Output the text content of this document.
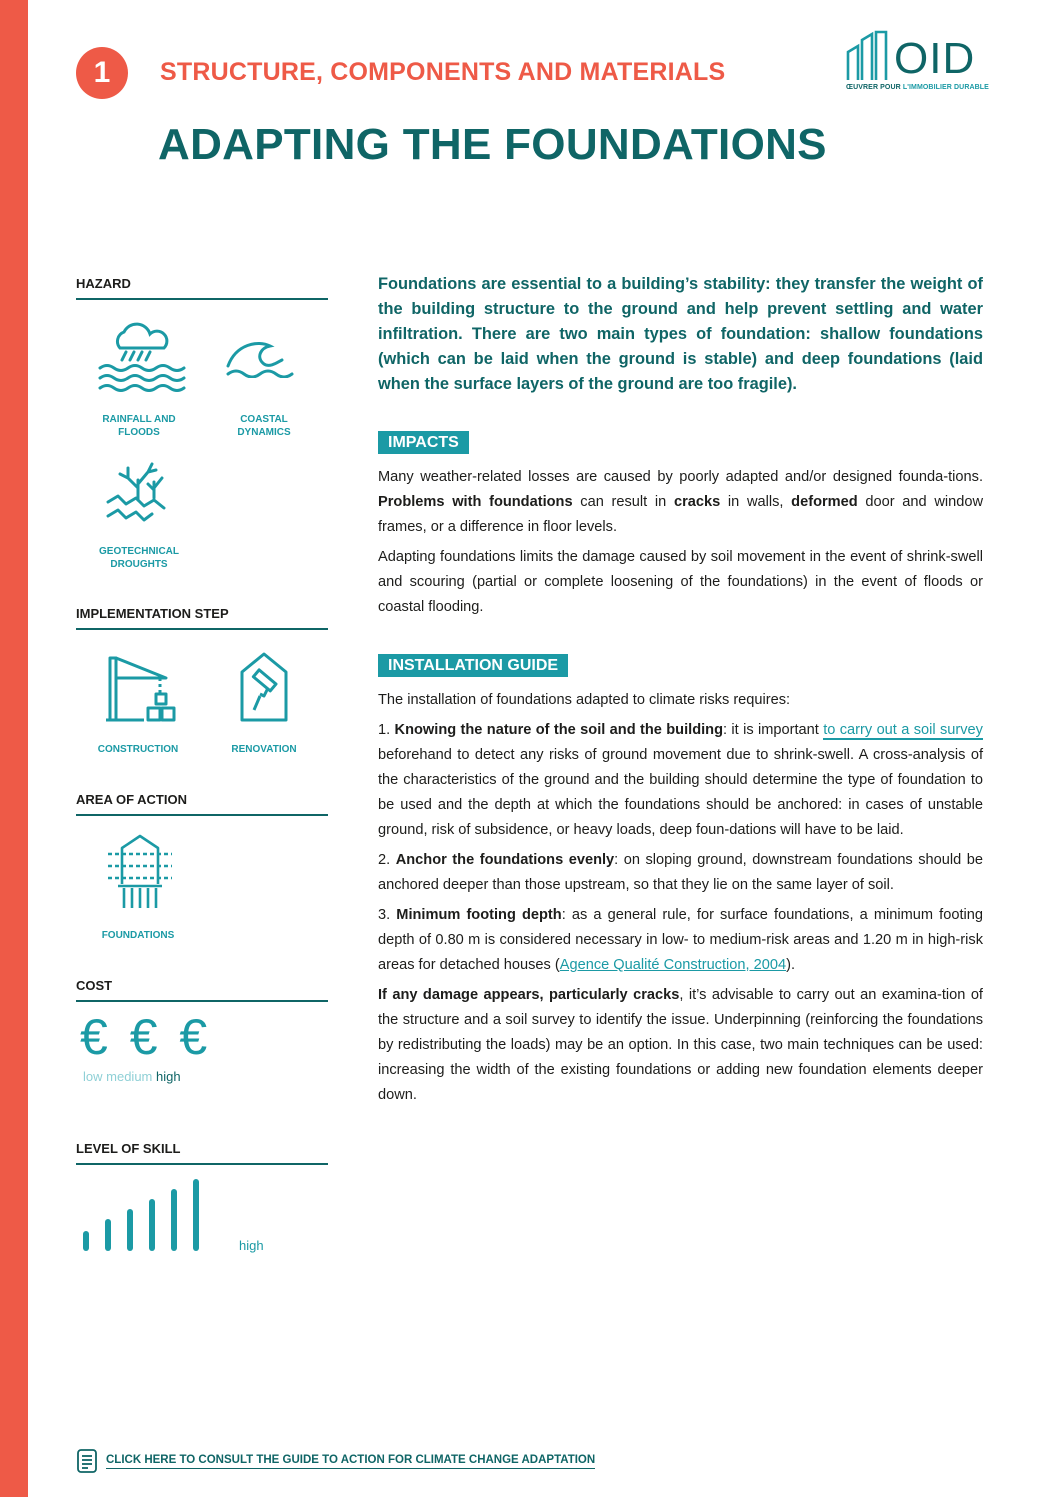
1	STRUCTURE, COMPONENTS AND MATERIALS
ADAPTING THE FOUNDATIONS
OID
ŒUVRER POUR L'IMMOBILIER DURABLE
HAZARD
RAINFALL AND
FLOODS
COASTAL
DYNAMICS
GEOTECHNICAL
DROUGHTS
IMPLEMENTATION STEP
CONSTRUCTION	RENOVATION
AREA OF ACTION
FOUNDATIONS
COST
€ € €
low medium high
LEVEL OF SKILL
high
Foundations are essential to a building’s stability: they transfer the weight of the building structure to the ground and help prevent settling and water infiltration. There are two main types of foundation: shallow foundations (which can be laid when the ground is stable) and deep foundations (laid when the surface layers of the ground are too fragile).
IMPACTS

Many weather-related losses are caused by poorly adapted and/or designed founda-tions. Problems with foundations can result in cracks in walls, deformed door and window frames, or a difference in floor levels.

Adapting foundations limits the damage caused by soil movement in the event of shrink-swell and scouring (partial or complete loosening of the foundations) in the event of floods or coastal flooding.

INSTALLATION GUIDE

The installation of foundations adapted to climate risks requires:

1. Knowing the nature of the soil and the building: it is important to carry out a soil survey beforehand to detect any risks of ground movement due to shrink-swell. A cross-analysis of the characteristics of the ground and the building should determine the type of foundation to be used and the depth at which the foundations should be anchored: in cases of unstable ground, risk of subsidence, or heavy loads, deep foun-dations will have to be laid.

2. Anchor the foundations evenly: on sloping ground, downstream foundations should be anchored deeper than those upstream, so that they lie on the same layer of soil.

3. Minimum footing depth: as a general rule, for surface foundations, a minimum footing depth of 0.80 m is considered necessary in low- to medium-risk areas and 1.20 m in high-risk areas for detached houses (Agence Qualité Construction, 2004).

If any damage appears, particularly cracks, it’s advisable to carry out an examina-tion of the structure and a soil survey to identify the issue. Underpinning (reinforcing the foundations by redistributing the loads) may be an option. In this case, two main techniques can be used: increasing the width of the existing foundations or adding new foundation elements deeper down.

CLICK HERE TO CONSULT THE GUIDE TO ACTION FOR CLIMATE CHANGE ADAPTATION
